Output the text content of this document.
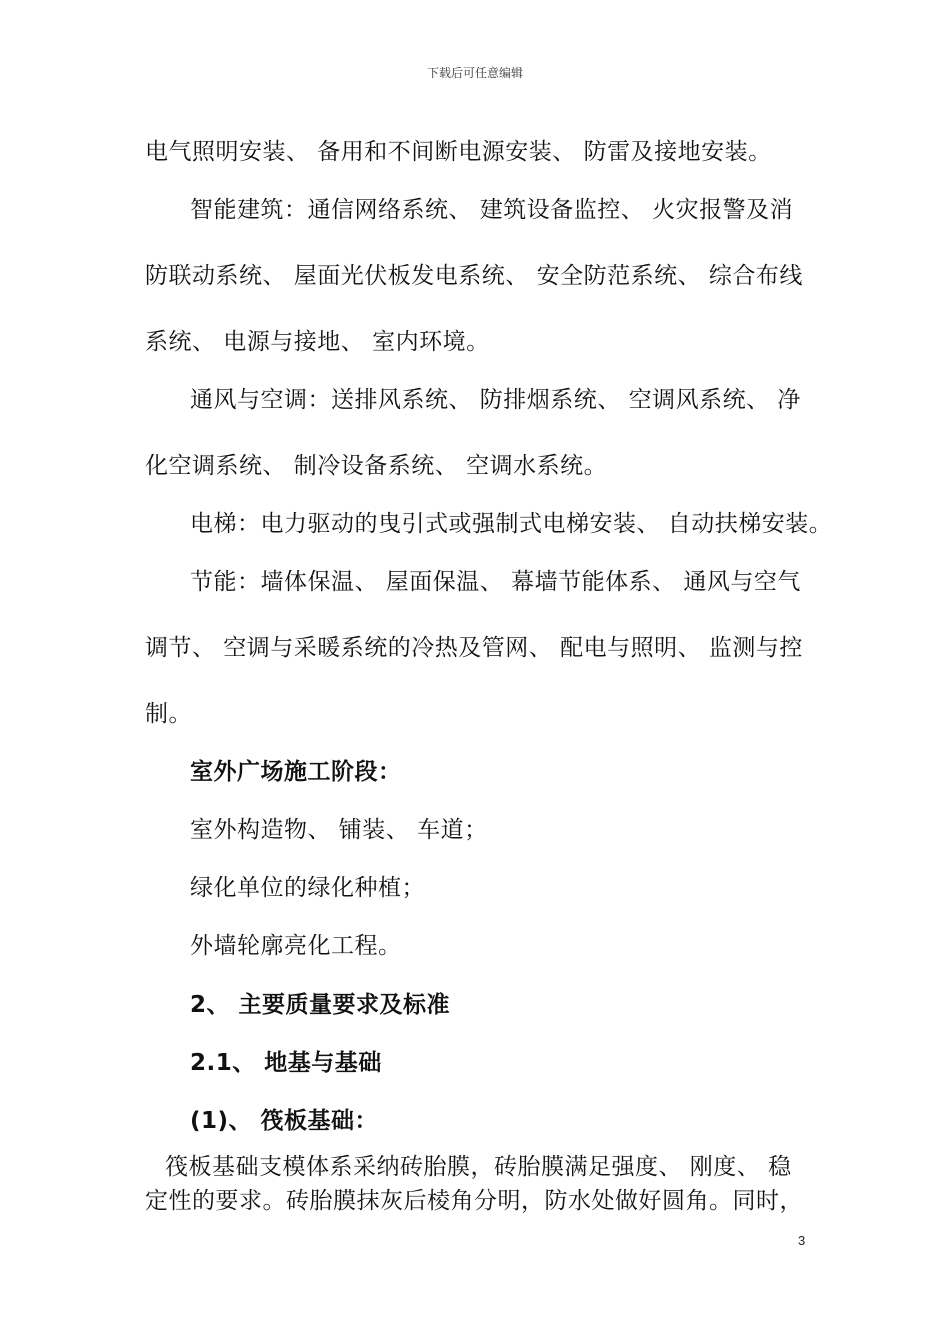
下载后可任意编辑
电气照明安装、 备用和不间断电源安装、 防雷及接地安装。
智能建筑：通信网络系统、 建筑设备监控、 火灾报警及消
防联动系统、 屋面光伏板发电系统、 安全防范系统、 综合布线
系统、 电源与接地、 室内环境。
通风与空调：送排风系统、 防排烟系统、 空调风系统、 净
化空调系统、 制冷设备系统、 空调水系统。
电梯：电力驱动的曳引式或强制式电梯安装、 自动扶梯安装。
节能：墙体保温、 屋面保温、 幕墙节能体系、 通风与空气
调节、 空调与采暖系统的冷热及管网、 配电与照明、 监测与控
制。
室外广场施工阶段：
室外构造物、 铺装、 车道；
绿化单位的绿化种植；
外墙轮廓亮化工程。
2、 主要质量要求及标准
2.1、 地基与基础
(1)、 筏板基础：
筏板基础支模体系采纳砖胎膜，砖胎膜满足强度、 刚度、 稳
定性的要求。砖胎膜抹灰后棱角分明，防水处做好圆角。同时，
3
